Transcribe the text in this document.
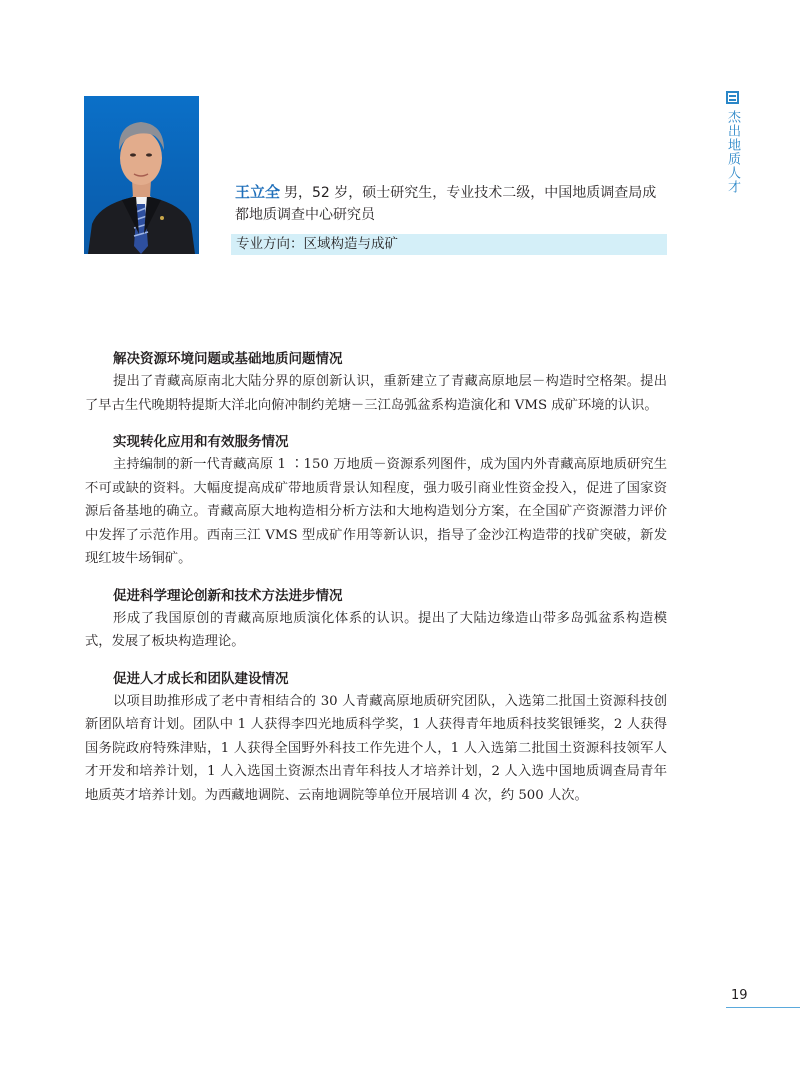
杰出地质人才
王立全 男，52 岁，硕士研究生，专业技术二级，中国地质调查局成都地质调查中心研究员
专业方向：区域构造与成矿
解决资源环境问题或基础地质问题情况

提出了青藏高原南北大陆分界的原创新认识，重新建立了青藏高原地层－构造时空格架。提出了早古生代晚期特提斯大洋北向俯冲制约羌塘－三江岛弧盆系构造演化和 VMS 成矿环境的认识。

实现转化应用和有效服务情况

主持编制的新一代青藏高原 1 ∶150 万地质－资源系列图件，成为国内外青藏高原地质研究生不可或缺的资料。大幅度提高成矿带地质背景认知程度，强力吸引商业性资金投入，促进了国家资源后备基地的确立。青藏高原大地构造相分析方法和大地构造划分方案，在全国矿产资源潜力评价中发挥了示范作用。西南三江 VMS 型成矿作用等新认识，指导了金沙江构造带的找矿突破，新发现红坡牛场铜矿。

促进科学理论创新和技术方法进步情况

形成了我国原创的青藏高原地质演化体系的认识。提出了大陆边缘造山带多岛弧盆系构造模式，发展了板块构造理论。

促进人才成长和团队建设情况

以项目助推形成了老中青相结合的 30 人青藏高原地质研究团队，入选第二批国土资源科技创新团队培育计划。团队中 1 人获得李四光地质科学奖，1 人获得青年地质科技奖银锤奖，2 人获得国务院政府特殊津贴，1 人获得全国野外科技工作先进个人，1 人入选第二批国土资源科技领军人才开发和培养计划，1 人入选国土资源杰出青年科技人才培养计划，2 人入选中国地质调查局青年地质英才培养计划。为西藏地调院、云南地调院等单位开展培训 4 次，约 500 人次。

19
